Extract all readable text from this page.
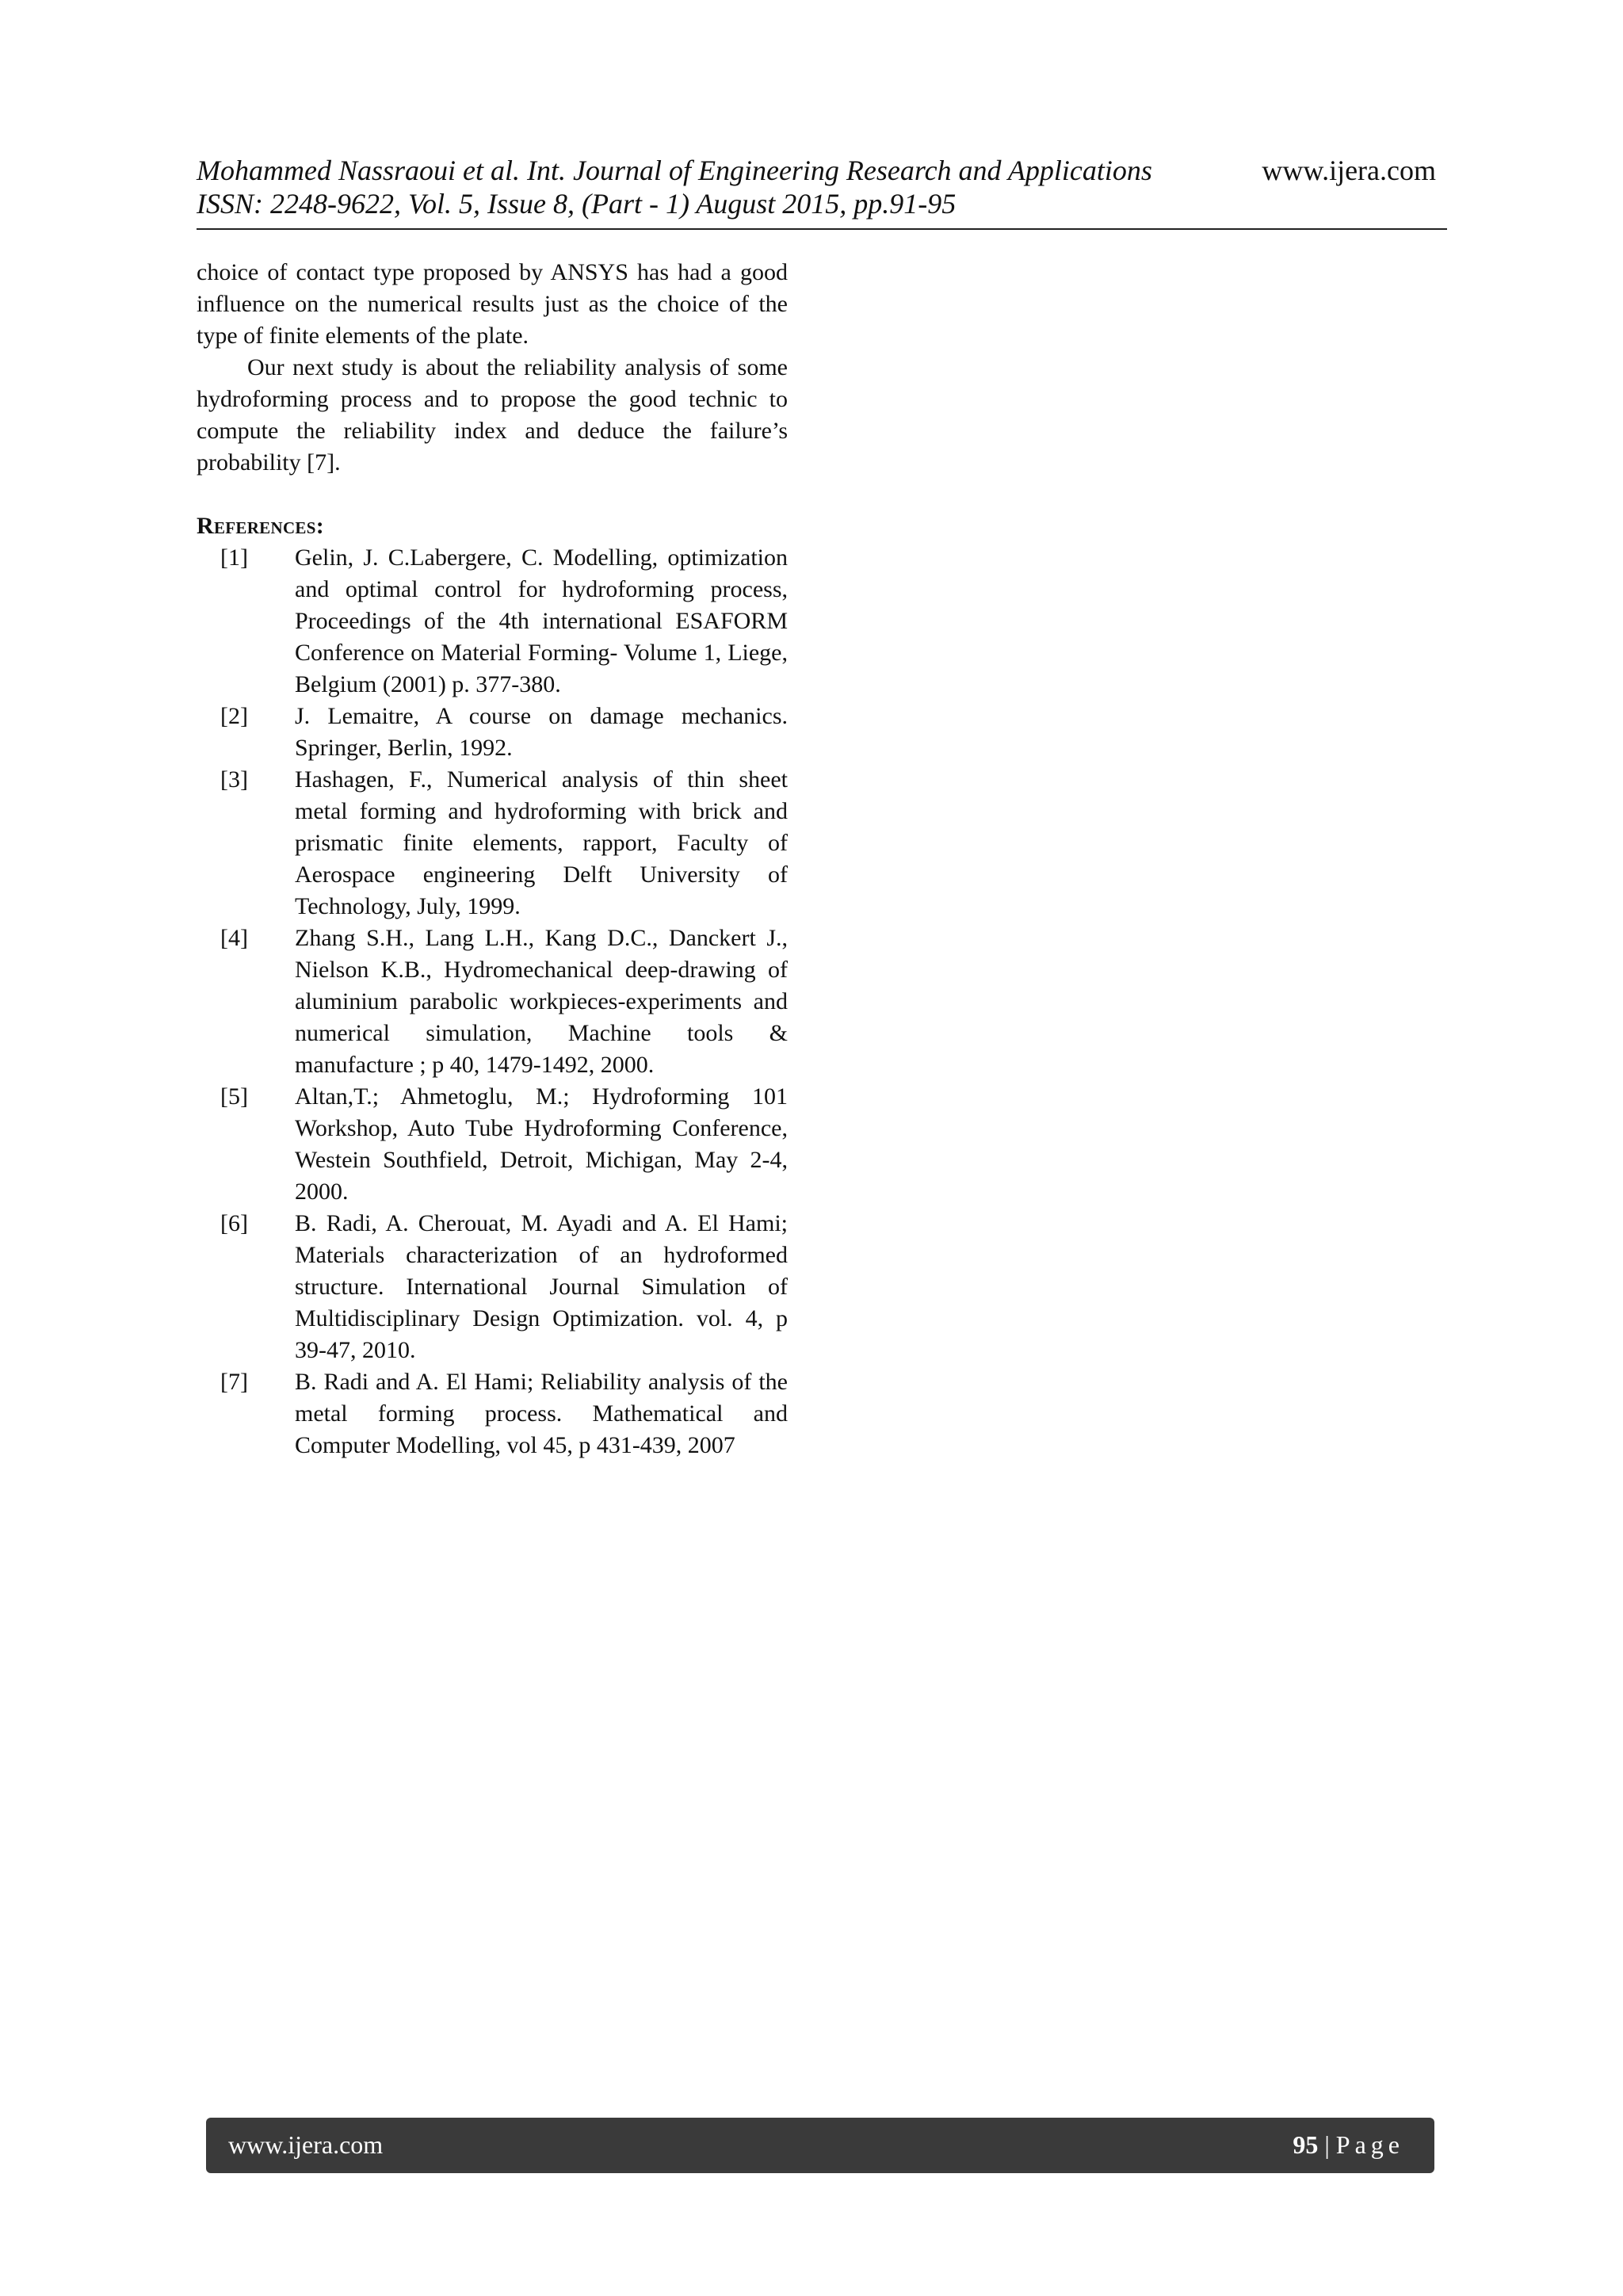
Mohammed Nassraoui et al. Int. Journal of Engineering Research and Applications	www.ijera.com
ISSN: 2248-9622, Vol. 5, Issue 8, (Part - 1) August 2015, pp.91-95

choice of contact type proposed by ANSYS has had a good influence on the numerical results just as the choice of the type of finite elements of the plate.

Our next study is about the reliability analysis of some hydroforming process and to propose the good technic to compute the reliability index and deduce the failure’s probability [7].

References:
[1] Gelin, J. C.Labergere, C. Modelling, optimization and optimal control for hydroforming process, Proceedings of the 4th international ESAFORM Conference on Material Forming- Volume 1, Liege, Belgium (2001) p. 377-380.
[2] J. Lemaitre, A course on damage mechanics. Springer, Berlin, 1992.
[3] Hashagen, F., Numerical analysis of thin sheet metal forming and hydroforming with brick and prismatic finite elements, rapport, Faculty of Aerospace engineering Delft University of Technology, July, 1999.
[4] Zhang S.H., Lang L.H., Kang D.C., Danckert J., Nielson K.B., Hydromechanical deep-drawing of aluminium parabolic workpieces-experiments and numerical simulation, Machine tools & manufacture ; p 40, 1479-1492, 2000.
[5] Altan,T.; Ahmetoglu, M.; Hydroforming 101 Workshop, Auto Tube Hydroforming Conference, Westein Southfield, Detroit, Michigan, May 2-4, 2000.
[6] B. Radi, A. Cherouat, M. Ayadi and A. El Hami; Materials characterization of an hydroformed structure. International Journal Simulation of Multidisciplinary Design Optimization. vol. 4, p 39-47, 2010.
[7] B. Radi and A. El Hami; Reliability analysis of the metal forming process. Mathematical and Computer Modelling, vol 45, p 431-439, 2007
www.ijera.com	95 | Page
